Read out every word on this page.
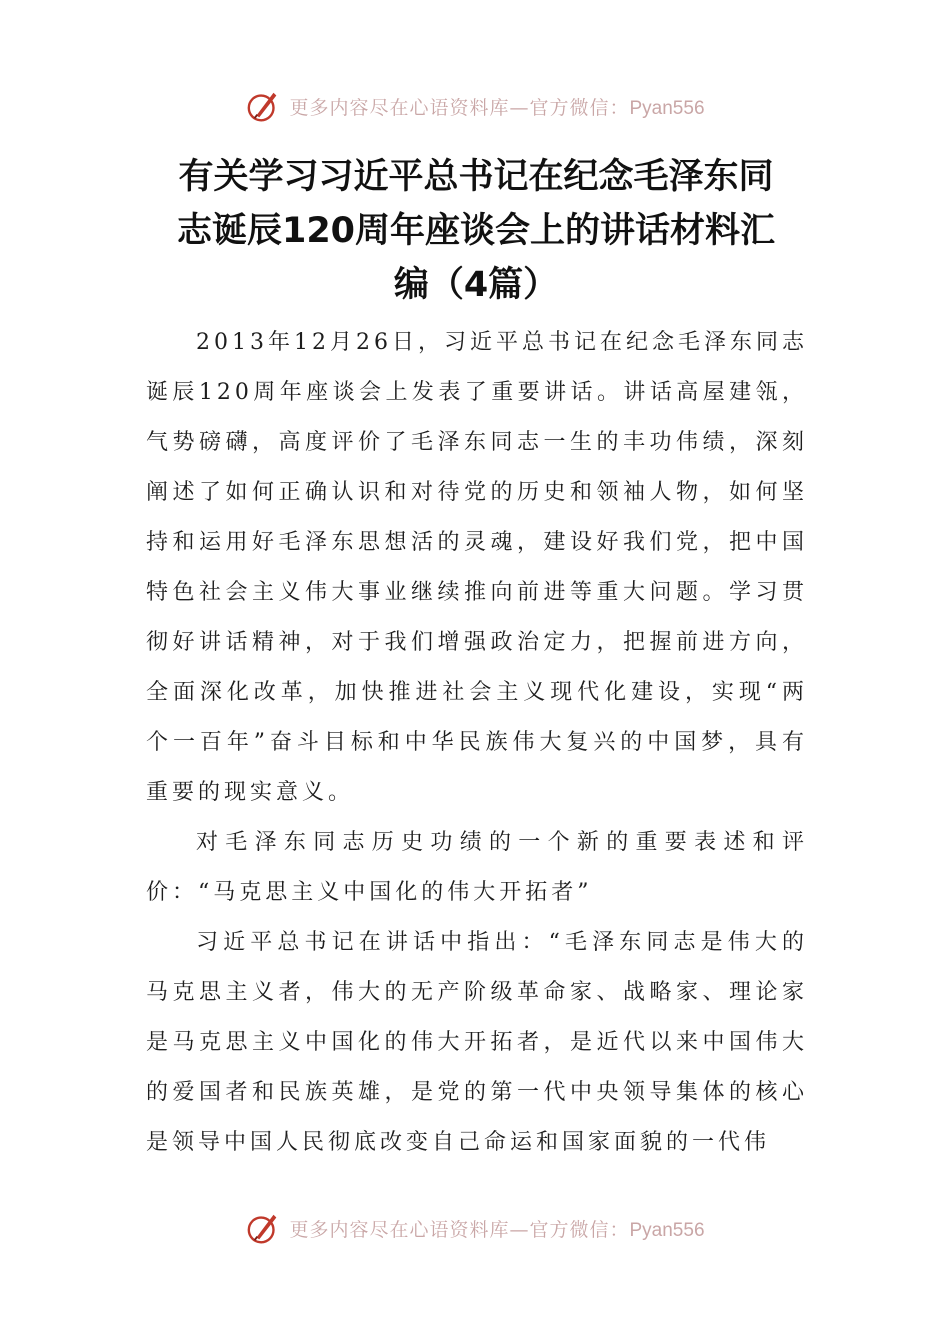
更多内容尽在心语资料库—官方微信：Pyan556
有关学习习近平总书记在纪念毛泽东同
志诞辰120周年座谈会上的讲话材料汇
编（4篇）

2013年12月26日，习近平总书记在纪念毛泽东同志诞辰120周年座谈会上发表了重要讲话。讲话高屋建瓴，气势磅礴，高度评价了毛泽东同志一生的丰功伟绩，深刻阐述了如何正确认识和对待党的历史和领袖人物，如何坚持和运用好毛泽东思想活的灵魂，建设好我们党，把中国特色社会主义伟大事业继续推向前进等重大问题。学习贯彻好讲话精神，对于我们增强政治定力，把握前进方向，全面深化改革，加快推进社会主义现代化建设，实现“两个一百年”奋斗目标和中华民族伟大复兴的中国梦，具有重要的现实意义。

对毛泽东同志历史功绩的一个新的重要表述和评价：“马克思主义中国化的伟大开拓者”

习近平总书记在讲话中指出：“毛泽东同志是伟大的马克思主义者，伟大的无产阶级革命家、战略家、理论家是马克思主义中国化的伟大开拓者，是近代以来中国伟大的爱国者和民族英雄，是党的第一代中央领导集体的核心是领导中国人民彻底改变自己命运和国家面貌的一代伟

更多内容尽在心语资料库—官方微信：Pyan556
